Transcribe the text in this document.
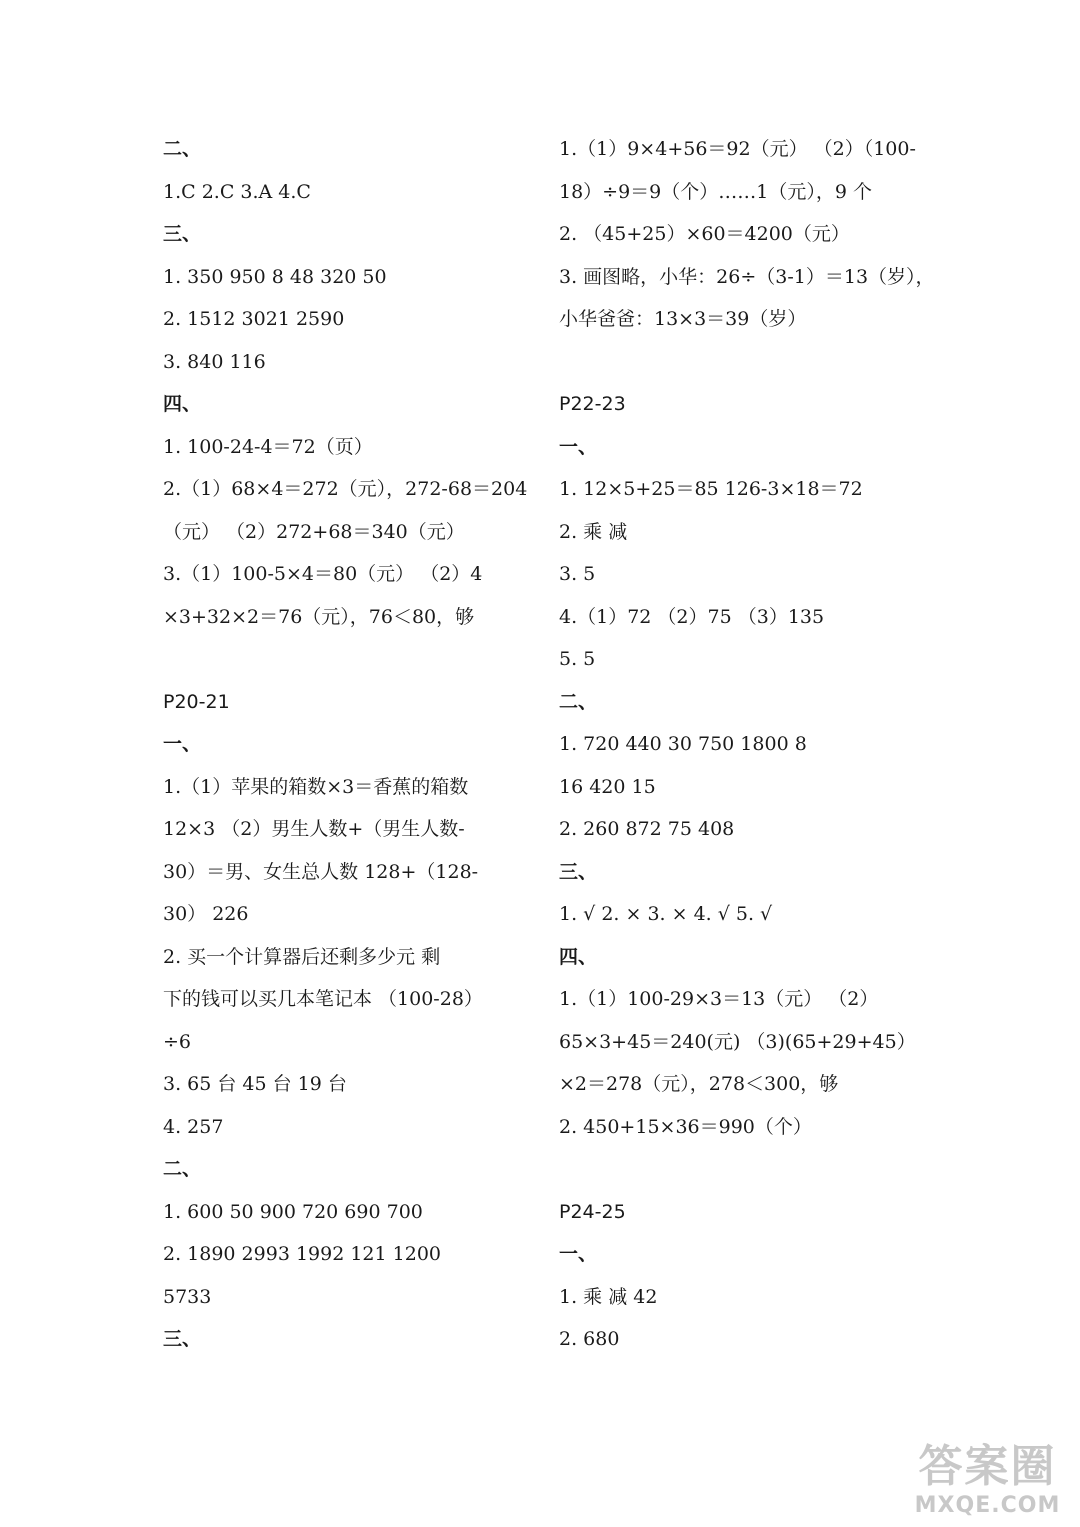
二、
1.C 2.C 3.A 4.C
三、
1. 350 950 8 48 320 50
2. 1512 3021 2590
3. 840 116
四、
1. 100-24-4＝72（页）
2.（1）68×4＝272（元），272-68＝204
（元） （2）272+68＝340（元）
3.（1）100-5×4＝80（元） （2）4
×3+32×2＝76（元），76＜80，够
P20-21
一、
1.（1）苹果的箱数×3＝香蕉的箱数
12×3 （2）男生人数+（男生人数-
30）＝男、女生总人数 128+（128-
30） 226
2. 买一个计算器后还剩多少元 剩
下的钱可以买几本笔记本 （100-28）
÷6
3. 65 台 45 台 19 台
4. 257
二、
1. 600 50 900 720 690 700
2. 1890 2993 1992 121 1200
5733
三、
1.（1）9×4+56＝92（元） （2）（100-
18）÷9＝9（个）……1（元），9 个
2. （45+25）×60＝4200（元）
3. 画图略，小华：26÷（3-1）＝13（岁），
小华爸爸：13×3＝39（岁）
P22-23
一、
1. 12×5+25＝85 126-3×18＝72
2. 乘 减
3. 5
4.（1）72 （2）75 （3）135
5. 5
二、
1. 720 440 30 750 1800 8
16 420 15
2. 260 872 75 408
三、
1. √ 2. × 3. × 4. √ 5. √
四、
1.（1）100-29×3＝13（元） （2）
65×3+45＝240(元) （3)(65+29+45）
×2＝278（元），278＜300，够
2. 450+15×36＝990（个）
P24-25
一、
1. 乘 减 42
2. 680
答案圈
MXQE.COM
